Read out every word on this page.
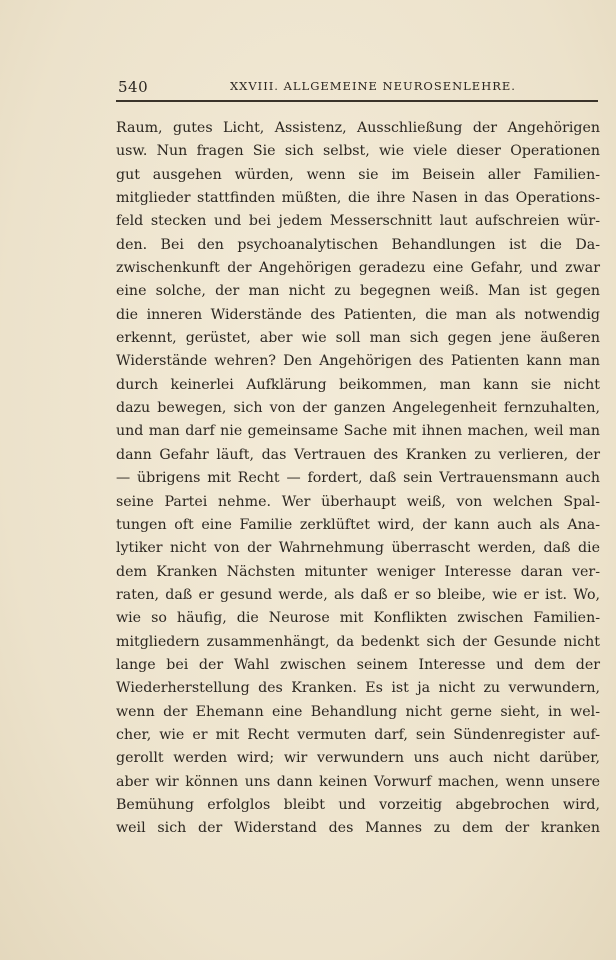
540	XXVIII. ALLGEMEINE NEUROSENLEHRE.
Raum, gutes Licht, Assistenz, Ausschließung der Angehörigen
usw. Nun fragen Sie sich selbst, wie viele dieser Operationen
gut ausgehen würden, wenn sie im Beisein aller Familien-
mitglieder stattfinden müßten, die ihre Nasen in das Operations-
feld stecken und bei jedem Messerschnitt laut aufschreien wür-
den. Bei den psychoanalytischen Behandlungen ist die Da-
zwischenkunft der Angehörigen geradezu eine Gefahr, und zwar
eine solche, der man nicht zu begegnen weiß. Man ist gegen
die inneren Widerstände des Patienten, die man als notwendig
erkennt, gerüstet, aber wie soll man sich gegen jene äußeren
Widerstände wehren? Den Angehörigen des Patienten kann man
durch keinerlei Aufklärung beikommen, man kann sie nicht
dazu bewegen, sich von der ganzen Angelegenheit fernzuhalten,
und man darf nie gemeinsame Sache mit ihnen machen, weil man
dann Gefahr läuft, das Vertrauen des Kranken zu verlieren, der
— übrigens mit Recht — fordert, daß sein Vertrauensmann auch
seine Partei nehme. Wer überhaupt weiß, von welchen Spal-
tungen oft eine Familie zerklüftet wird, der kann auch als Ana-
lytiker nicht von der Wahrnehmung überrascht werden, daß die
dem Kranken Nächsten mitunter weniger Interesse daran ver-
raten, daß er gesund werde, als daß er so bleibe, wie er ist. Wo,
wie so häufig, die Neurose mit Konflikten zwischen Familien-
mitgliedern zusammenhängt, da bedenkt sich der Gesunde nicht
lange bei der Wahl zwischen seinem Interesse und dem der
Wiederherstellung des Kranken. Es ist ja nicht zu verwundern,
wenn der Ehemann eine Behandlung nicht gerne sieht, in wel-
cher, wie er mit Recht vermuten darf, sein Sündenregister auf-
gerollt werden wird; wir verwundern uns auch nicht darüber,
aber wir können uns dann keinen Vorwurf machen, wenn unsere
Bemühung erfolglos bleibt und vorzeitig abgebrochen wird,
weil sich der Widerstand des Mannes zu dem der kranken
